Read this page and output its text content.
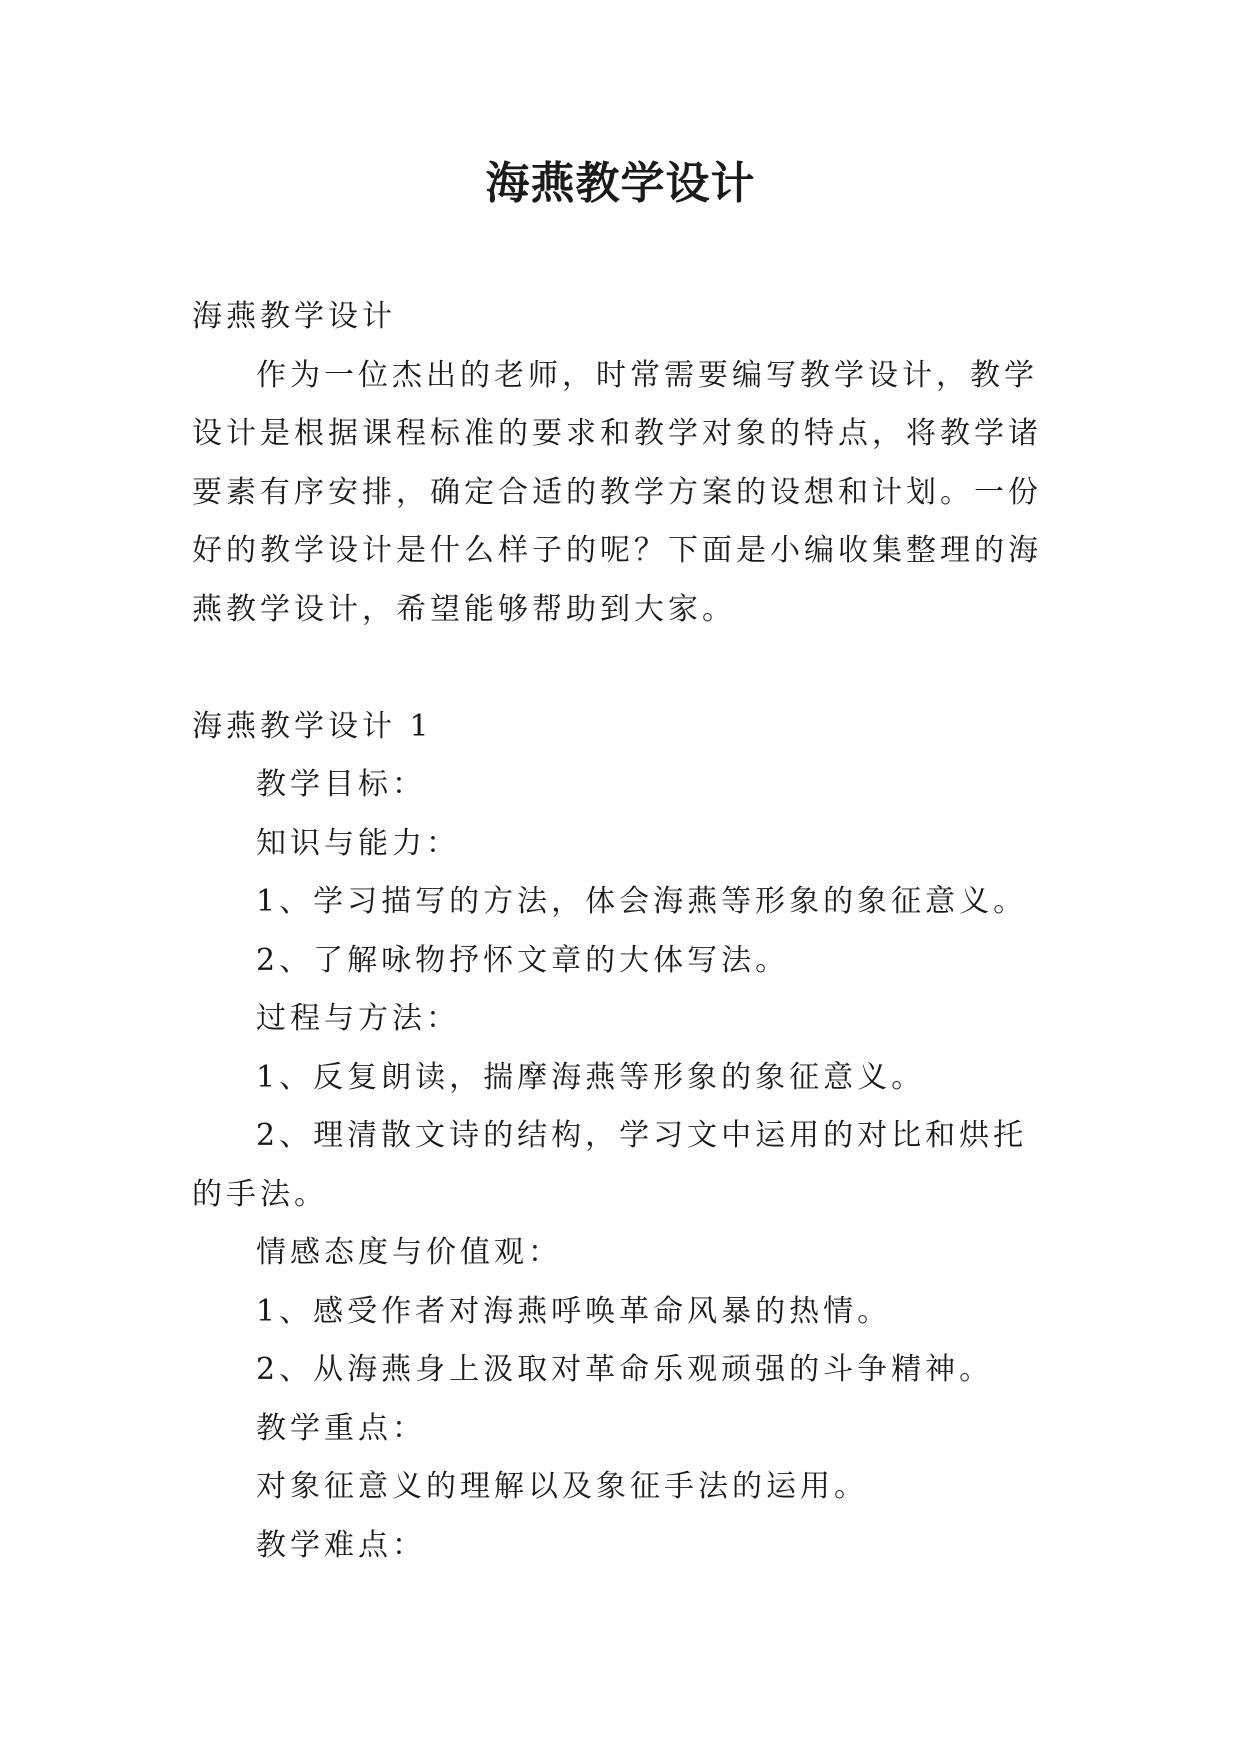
海燕教学设计

海燕教学设计

作为一位杰出的老师，时常需要编写教学设计，教学设计是根据课程标准的要求和教学对象的特点，将教学诸要素有序安排，确定合适的教学方案的设想和计划。一份好的教学设计是什么样子的呢？下面是小编收集整理的海燕教学设计，希望能够帮助到大家。

海燕教学设计 1

教学目标：

知识与能力：

1、学习描写的方法，体会海燕等形象的象征意义。

2、了解咏物抒怀文章的大体写法。

过程与方法：

1、反复朗读，揣摩海燕等形象的象征意义。

2、理清散文诗的结构，学习文中运用的对比和烘托的手法。

情感态度与价值观：

1、感受作者对海燕呼唤革命风暴的热情。

2、从海燕身上汲取对革命乐观顽强的斗争精神。

教学重点：

对象征意义的理解以及象征手法的运用。

教学难点：
